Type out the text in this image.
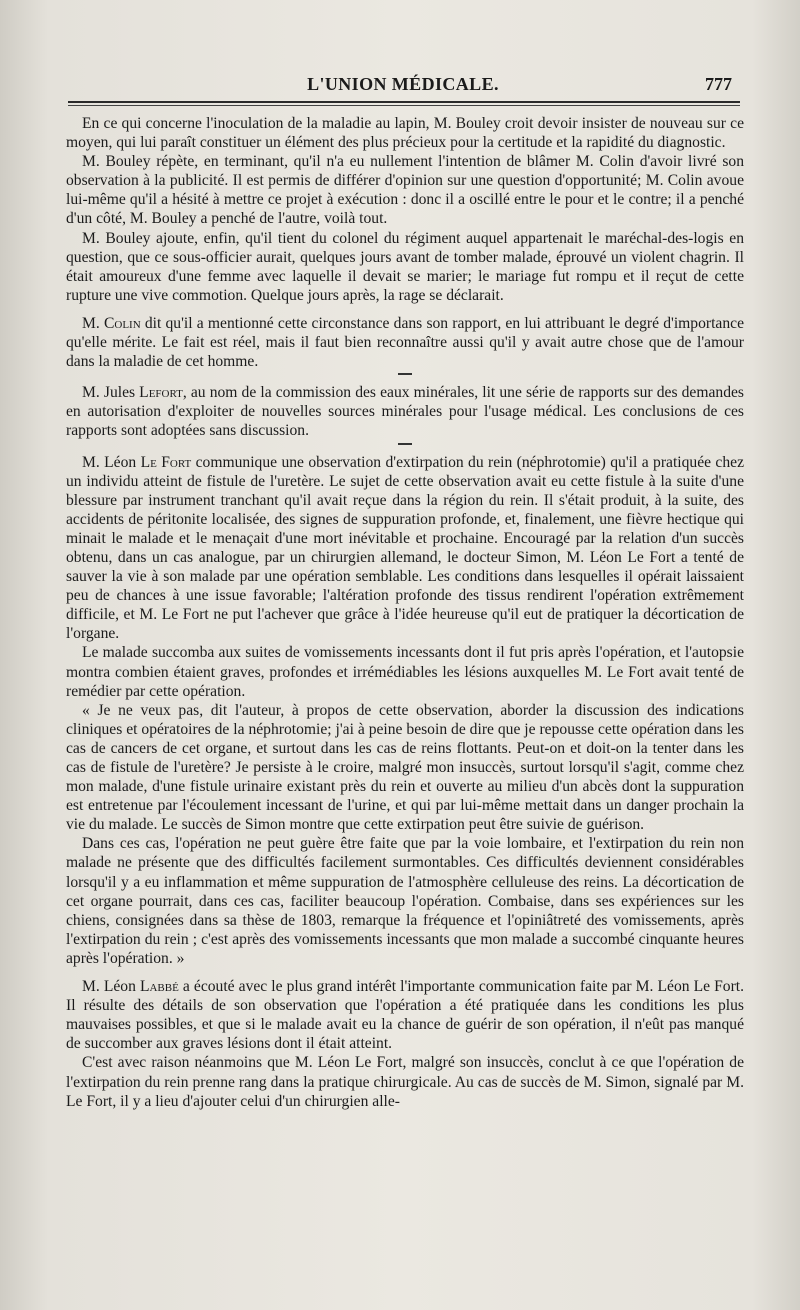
L'UNION MÉDICALE.	777

En ce qui concerne l'inoculation de la maladie au lapin, M. Bouley croit devoir insister de nouveau sur ce moyen, qui lui paraît constituer un élément des plus précieux pour la certitude et la rapidité du diagnostic.

M. Bouley répète, en terminant, qu'il n'a eu nullement l'intention de blâmer M. Colin d'avoir livré son observation à la publicité. Il est permis de différer d'opinion sur une question d'opportunité; M. Colin avoue lui-même qu'il a hésité à mettre ce projet à exécution : donc il a oscillé entre le pour et le contre; il a penché d'un côté, M. Bouley a penché de l'autre, voilà tout.

M. Bouley ajoute, enfin, qu'il tient du colonel du régiment auquel appartenait le maréchal-des-logis en question, que ce sous-officier aurait, quelques jours avant de tomber malade, éprouvé un violent chagrin. Il était amoureux d'une femme avec laquelle il devait se marier; le mariage fut rompu et il reçut de cette rupture une vive commotion. Quelque jours après, la rage se déclarait.

M. Colin dit qu'il a mentionné cette circonstance dans son rapport, en lui attribuant le degré d'importance qu'elle mérite. Le fait est réel, mais il faut bien reconnaître aussi qu'il y avait autre chose que de l'amour dans la maladie de cet homme.

M. Jules Lefort, au nom de la commission des eaux minérales, lit une série de rapports sur des demandes en autorisation d'exploiter de nouvelles sources minérales pour l'usage médical. Les conclusions de ces rapports sont adoptées sans discussion.

M. Léon Le Fort communique une observation d'extirpation du rein (néphrotomie) qu'il a pratiquée chez un individu atteint de fistule de l'uretère. Le sujet de cette observation avait eu cette fistule à la suite d'une blessure par instrument tranchant qu'il avait reçue dans la région du rein. Il s'était produit, à la suite, des accidents de péritonite localisée, des signes de suppuration profonde, et, finalement, une fièvre hectique qui minait le malade et le menaçait d'une mort inévitable et prochaine. Encouragé par la relation d'un succès obtenu, dans un cas analogue, par un chirurgien allemand, le docteur Simon, M. Léon Le Fort a tenté de sauver la vie à son malade par une opération semblable. Les conditions dans lesquelles il opérait laissaient peu de chances à une issue favorable; l'altération profonde des tissus rendirent l'opération extrêmement difficile, et M. Le Fort ne put l'achever que grâce à l'idée heureuse qu'il eut de pratiquer la décortication de l'organe.

Le malade succomba aux suites de vomissements incessants dont il fut pris après l'opération, et l'autopsie montra combien étaient graves, profondes et irrémédiables les lésions auxquelles M. Le Fort avait tenté de remédier par cette opération.

« Je ne veux pas, dit l'auteur, à propos de cette observation, aborder la discussion des indications cliniques et opératoires de la néphrotomie; j'ai à peine besoin de dire que je repousse cette opération dans les cas de cancers de cet organe, et surtout dans les cas de reins flottants. Peut-on et doit-on la tenter dans les cas de fistule de l'uretère? Je persiste à le croire, malgré mon insuccès, surtout lorsqu'il s'agit, comme chez mon malade, d'une fistule urinaire existant près du rein et ouverte au milieu d'un abcès dont la suppuration est entretenue par l'écoulement incessant de l'urine, et qui par lui-même mettait dans un danger prochain la vie du malade. Le succès de Simon montre que cette extirpation peut être suivie de guérison.

Dans ces cas, l'opération ne peut guère être faite que par la voie lombaire, et l'extirpation du rein non malade ne présente que des difficultés facilement surmontables. Ces difficultés deviennent considérables lorsqu'il y a eu inflammation et même suppuration de l'atmosphère celluleuse des reins. La décortication de cet organe pourrait, dans ces cas, faciliter beaucoup l'opération. Combaise, dans ses expériences sur les chiens, consignées dans sa thèse de 1803, remarque la fréquence et l'opiniâtreté des vomissements, après l'extirpation du rein ; c'est après des vomissements incessants que mon malade a succombé cinquante heures après l'opération. »

M. Léon Labbé a écouté avec le plus grand intérêt l'importante communication faite par M. Léon Le Fort. Il résulte des détails de son observation que l'opération a été pratiquée dans les conditions les plus mauvaises possibles, et que si le malade avait eu la chance de guérir de son opération, il n'eût pas manqué de succomber aux graves lésions dont il était atteint.

C'est avec raison néanmoins que M. Léon Le Fort, malgré son insuccès, conclut à ce que l'opération de l'extirpation du rein prenne rang dans la pratique chirurgicale. Au cas de succès de M. Simon, signalé par M. Le Fort, il y a lieu d'ajouter celui d'un chirurgien alle-
